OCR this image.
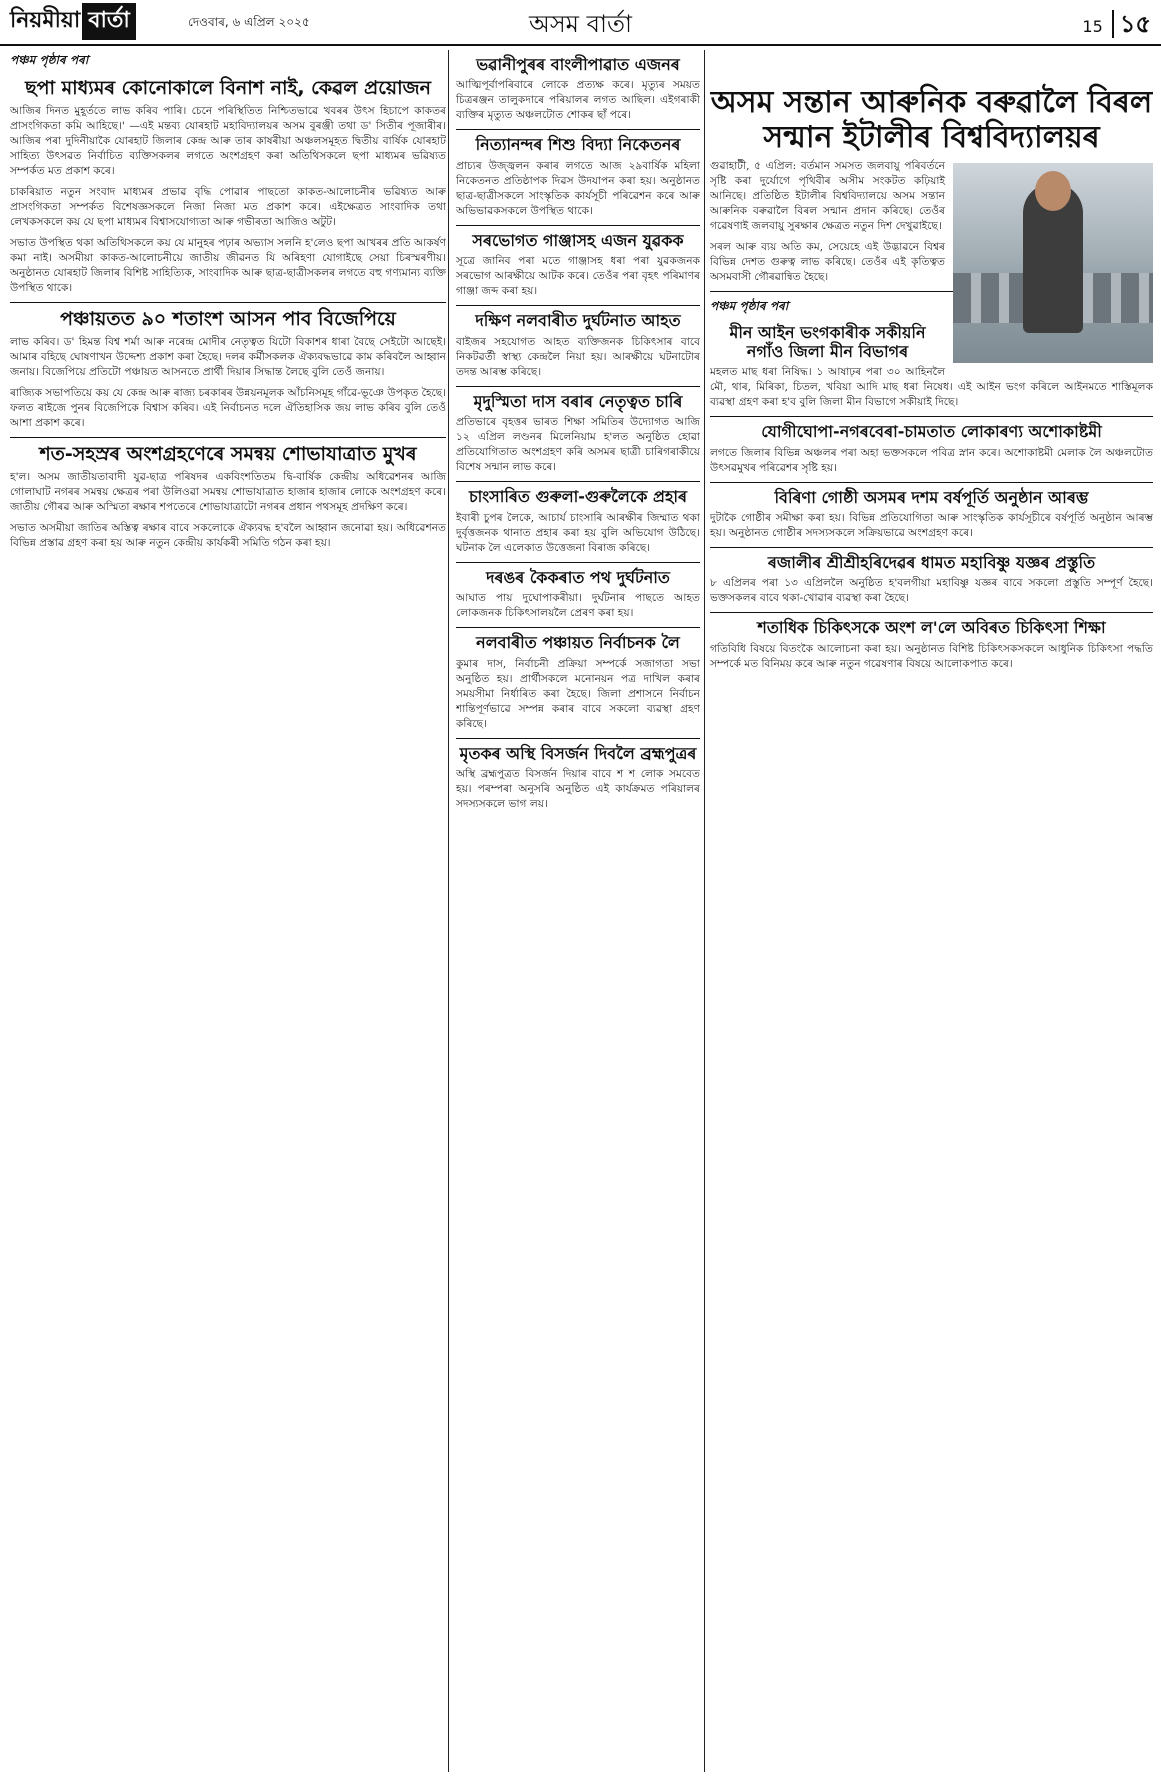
নিয়মীয়া বাৰ্তা	দেওবাৰ, ৬ এপ্ৰিল ২০২৫	অসম বাৰ্তা	15 ১৫
পঞ্চম পৃষ্ঠাৰ পৰা
ছপা মাধ্যমৰ কোনোকালে বিনাশ নাই, কেৱল প্ৰয়োজন

আজিৰ দিনত মুহূৰ্ততে লাভ কৰিব পাৰি। চেনে পৰিস্থিতিত নিশ্চিতভাৱে খবৰৰ উৎস হিচাপে কাকতৰ প্ৰাসংগিকতা কমি আহিছে।' —এই মন্তব্য যোৰহাট মহাবিদ্যালয়ৰ অসম বুৰঞ্জী তথা ড' সিতীৰ পূজাৰীৰ। আজিৰ পৰা দুদিনীয়াকৈ যোৰহাট জিলাৰ কেন্দ্ৰ আৰু তাৰ কাষৰীয়া অঞ্চলসমূহত দ্বিতীয় বাৰ্ষিক যোৰহাট সাহিত্য উৎসৱত নিৰ্বাচিত ব্যক্তিসকলৰ লগতে অংশগ্ৰহণ কৰা অতিথিসকলে ছপা মাধ্যমৰ ভৱিষ্যত সম্পৰ্কত মত প্ৰকাশ কৰে।

চাকৰিয়াত নতুন সংবাদ মাধ্যমৰ প্ৰভাৱ বৃদ্ধি পোৱাৰ পাছতো কাকত-আলোচনীৰ ভৱিষ্যত আৰু প্ৰাসংগিকতা সম্পৰ্কত বিশেষজ্ঞসকলে নিজা নিজা মত প্ৰকাশ কৰে। এইক্ষেত্ৰত সাংবাদিক তথা লেখকসকলে কয় যে ছপা মাধ্যমৰ বিশ্বাসযোগ্যতা আৰু গভীৰতা আজিও অটুট।

সভাত উপস্থিত থকা অতিথিসকলে কয় যে মানুহৰ পঢ়াৰ অভ্যাস সলনি হ'লেও ছপা আখৰৰ প্ৰতি আকৰ্ষণ কমা নাই। অসমীয়া কাকত-আলোচনীয়ে জাতীয় জীৱনত যি অৰিহণা যোগাইছে সেয়া চিৰস্মৰণীয়। অনুষ্ঠানত যোৰহাট জিলাৰ বিশিষ্ট সাহিত্যিক, সাংবাদিক আৰু ছাত্ৰ-ছাত্ৰীসকলৰ লগতে বহু গণ্যমান্য ব্যক্তি উপস্থিত থাকে।

পঞ্চায়তত ৯০ শতাংশ আসন পাব বিজেপিয়ে

লাভ কৰিব। ড' হিমন্ত বিশ্ব শৰ্মা আৰু নৰেন্দ্ৰ মোদীৰ নেতৃত্বত যিটো বিকাশৰ ধাৰা বৈছে সেইটো আছেই। আমাৰ বহিছে ঘোষণাখন উদ্দেশ্য প্ৰকাশ কৰা হৈছে। দলৰ কৰ্মীসকলক ঐক্যবদ্ধভাৱে কাম কৰিবলৈ আহ্বান জনায়। বিজেপিয়ে প্ৰতিটো পঞ্চায়ত আসনতে প্ৰাৰ্থী দিয়াৰ সিদ্ধান্ত লৈছে বুলি তেওঁ জনায়।

ৰাজ্যিক সভাপতিয়ে কয় যে কেন্দ্ৰ আৰু ৰাজ্য চৰকাৰৰ উন্নয়নমূলক আঁচনিসমূহ গাঁৱে-ভূঞে উপকৃত হৈছে। ফলত ৰাইজে পুনৰ বিজেপিকে বিশ্বাস কৰিব। এই নিৰ্বাচনত দলে ঐতিহাসিক জয় লাভ কৰিব বুলি তেওঁ আশা প্ৰকাশ কৰে।

শত-সহস্ৰৰ অংশগ্ৰহণেৰে সমন্বয় শোভাযাত্ৰাত মুখৰ

হ'ল। অসম জাতীয়তাবাদী যুৱ-ছাত্ৰ পৰিষদৰ একবিংশতিতম দ্বি-বাৰ্ষিক কেন্দ্ৰীয় অধিৱেশনৰ আজি গোলাঘাট নগৰৰ সমন্বয় ক্ষেত্ৰৰ পৰা উলিওৱা সমন্বয় শোভাযাত্ৰাত হাজাৰ হাজাৰ লোকে অংশগ্ৰহণ কৰে। জাতীয় গৌৰৱ আৰু অস্মিতা ৰক্ষাৰ শপতেৰে শোভাযাত্ৰাটো নগৰৰ প্ৰধান পথসমূহ প্ৰদক্ষিণ কৰে।

সভাত অসমীয়া জাতিৰ অস্তিত্ব ৰক্ষাৰ বাবে সকলোকে ঐক্যবদ্ধ হ'বলৈ আহ্বান জনোৱা হয়। অধিৱেশনত বিভিন্ন প্ৰস্তাৱ গ্ৰহণ কৰা হয় আৰু নতুন কেন্দ্ৰীয় কাৰ্যকৰী সমিতি গঠন কৰা হয়।

ভৱানীপুৰৰ বাংলীপাৱাত এজনৰ

আত্মিপূৰ্বাপৰিবাৰে লোকে প্ৰত্যক্ষ কৰে। মৃত্যুৰ সময়ত চিত্ৰৰঞ্জন তালুকদাৰে পৰিয়ালৰ লগত আছিল। এইগৰাকী ব্যক্তিৰ মৃত্যুত অঞ্চলটোত শোকৰ ছাঁ পৰে।

নিত্যানন্দৰ শিশু বিদ্যা নিকেতনৰ

প্ৰাচ্যৰ উজ্জ্বলন কৰাৰ লগতে আজ ২৯বাৰ্ষিক মহিলা নিকেতনত প্ৰতিষ্ঠাপক দিৱস উদযাপন কৰা হয়। অনুষ্ঠানত ছাত্ৰ-ছাত্ৰীসকলে সাংস্কৃতিক কাৰ্যসূচী পৰিৱেশন কৰে আৰু অভিভাৱকসকলে উপস্থিত থাকে।

সৰভোগত গাঞ্জাসহ এজন যুৱকক

সূত্ৰে জানিব পৰা মতে গাঞ্জাসহ ধৰা পৰা যুৱকজনক সৰভোগ আৰক্ষীয়ে আটক কৰে। তেওঁৰ পৰা বৃহৎ পৰিমাণৰ গাঞ্জা জব্দ কৰা হয়।

দক্ষিণ নলবাৰীত দুৰ্ঘটনাত আহত

বাইজৰ সহযোগত আহত ব্যক্তিজনক চিকিৎসাৰ বাবে নিকটৱৰ্তী স্বাস্থ্য কেন্দ্ৰলৈ নিয়া হয়। আৰক্ষীয়ে ঘটনাটোৰ তদন্ত আৰম্ভ কৰিছে।

মৃদুস্মিতা দাস বৰাৰ নেতৃত্বত চাৰি

প্ৰতিভাৰে বৃহত্তৰ ভাৰত শিক্ষা সমিতিৰ উদ্যোগত আজি ১২ এপ্ৰিল লণ্ডনৰ মিলেনিয়াম হ'লত অনুষ্ঠিত হোৱা প্ৰতিযোগিতাত অংশগ্ৰহণ কৰি অসমৰ ছাত্ৰী চাৰিগৰাকীয়ে বিশেষ সন্মান লাভ কৰে।

চাংসাৰিত গুৰুলা-গুৰুলৈকে প্ৰহাৰ

ইবাৰী চুপৰ লৈকে, আচাৰ্য চাংসাৰি আৰক্ষীৰ জিম্মাত থকা দুৰ্বৃত্তজনক থানাত প্ৰহাৰ কৰা হয় বুলি অভিযোগ উঠিছে। ঘটনাক লৈ এলেকাত উত্তেজনা বিৰাজ কৰিছে।

দৰঙৰ কৈকৰাত পথ দুৰ্ঘটনাত

আঘাত পায় দুঘোপাকৰীয়া। দুৰ্ঘটনাৰ পাছতে আহত লোকজনক চিকিৎসালয়লৈ প্ৰেৰণ কৰা হয়।

নলবাৰীত পঞ্চায়ত নিৰ্বাচনক লৈ

কুমাৰ দাস, নিৰ্বাচনী প্ৰক্ৰিয়া সম্পৰ্কে সজাগতা সভা অনুষ্ঠিত হয়। প্ৰাৰ্থীসকলে মনোনয়ন পত্ৰ দাখিল কৰাৰ সময়সীমা নিৰ্ধাৰিত কৰা হৈছে। জিলা প্ৰশাসনে নিৰ্বাচন শান্তিপূৰ্ণভাৱে সম্পন্ন কৰাৰ বাবে সকলো ব্যৱস্থা গ্ৰহণ কৰিছে।

মৃতকৰ অস্থি বিসৰ্জন দিবলৈ ব্ৰহ্মপুত্ৰৰ

অস্থি ব্ৰহ্মপুত্ৰত বিসৰ্জন দিয়াৰ বাবে শ শ লোক সমবেত হয়। পৰম্পৰা অনুসৰি অনুষ্ঠিত এই কাৰ্যক্ৰমত পৰিয়ালৰ সদস্যসকলে ভাগ লয়।

অসম সন্তান আৰুনিক বৰুৱালৈ বিৰল সন্মান ইটালীৰ বিশ্ববিদ্যালয়ৰ

গুৱাহাটী, ৫ এপ্ৰিল: বৰ্তমান সমসত জলবায়ু পৰিবৰ্তনে সৃষ্টি কৰা দুৰ্যোগে পৃথিবীৰ অসীম সংকটত কঢ়িয়াই আনিছে। প্ৰতিষ্ঠিত ইটালীৰ বিশ্ববিদ্যালয়ে অসম সন্তান আৰুনিক বৰুৱালৈ বিৰল সন্মান প্ৰদান কৰিছে। তেওঁৰ গৱেষণাই জলবায়ু সুৰক্ষাৰ ক্ষেত্ৰত নতুন দিশ দেখুৱাইছে।

সৰল আৰু ব্যয় অতি কম, সেয়েহে এই উদ্ভাৱনে বিশ্বৰ বিভিন্ন দেশত গুৰুত্ব লাভ কৰিছে। তেওঁৰ এই কৃতিত্বত অসমবাসী গৌৰৱান্বিত হৈছে।

পঞ্চম পৃষ্ঠাৰ পৰা
মীন আইন ভংগকাৰীক সকীয়নি নগাঁও জিলা মীন বিভাগৰ

মহলত মাছ ধৰা নিষিদ্ধ। ১ আষাঢ়ৰ পৰা ৩০ আহিনলৈ মৌ, থাৰ, মিৰিকা, চিতল, খবিয়া আদি মাছ ধৰা নিষেধ। এই আইন ভংগ কৰিলে আইনমতে শাস্তিমূলক ব্যৱস্থা গ্ৰহণ কৰা হ'ব বুলি জিলা মীন বিভাগে সকীয়াই দিছে।

যোগীঘোপা-নগৰবেৰা-চামতাত লোকাৰণ্য অশোকাষ্টমী

লগতে জিলাৰ বিভিন্ন অঞ্চলৰ পৰা অহা ভক্তসকলে পবিত্ৰ স্নান কৰে। অশোকাষ্টমী মেলাক লৈ অঞ্চলটোত উৎসৱমুখৰ পৰিৱেশৰ সৃষ্টি হয়।

বিৰিণা গোষ্ঠী অসমৰ দশম বৰ্ষপূৰ্তি অনুষ্ঠান আৰম্ভ

দুটাকৈ গোষ্ঠীৰ সমীক্ষা কৰা হয়। বিভিন্ন প্ৰতিযোগিতা আৰু সাংস্কৃতিক কাৰ্যসূচীৰে বৰ্ষপূৰ্তি অনুষ্ঠান আৰম্ভ হয়। অনুষ্ঠানত গোষ্ঠীৰ সদস্যসকলে সক্ৰিয়ভাৱে অংশগ্ৰহণ কৰে।

ৰজালীৰ শ্ৰীশ্ৰীহৰিদেৱৰ ধামত মহাবিষ্ণু যজ্ঞৰ প্ৰস্তুতি

৮ এপ্ৰিলৰ পৰা ১৩ এপ্ৰিললৈ অনুষ্ঠিত হ'বলগীয়া মহাবিষ্ণু যজ্ঞৰ বাবে সকলো প্ৰস্তুতি সম্পূৰ্ণ হৈছে। ভক্তসকলৰ বাবে থকা-খোৱাৰ ব্যৱস্থা কৰা হৈছে।

শতাধিক চিকিৎসকে অংশ ল'লে অবিৰত চিকিৎসা শিক্ষা

গতিবিধি বিষয়ে বিতংকৈ আলোচনা কৰা হয়। অনুষ্ঠানত বিশিষ্ট চিকিৎসকসকলে আধুনিক চিকিৎসা পদ্ধতি সম্পৰ্কে মত বিনিময় কৰে আৰু নতুন গৱেষণাৰ বিষয়ে আলোকপাত কৰে।
